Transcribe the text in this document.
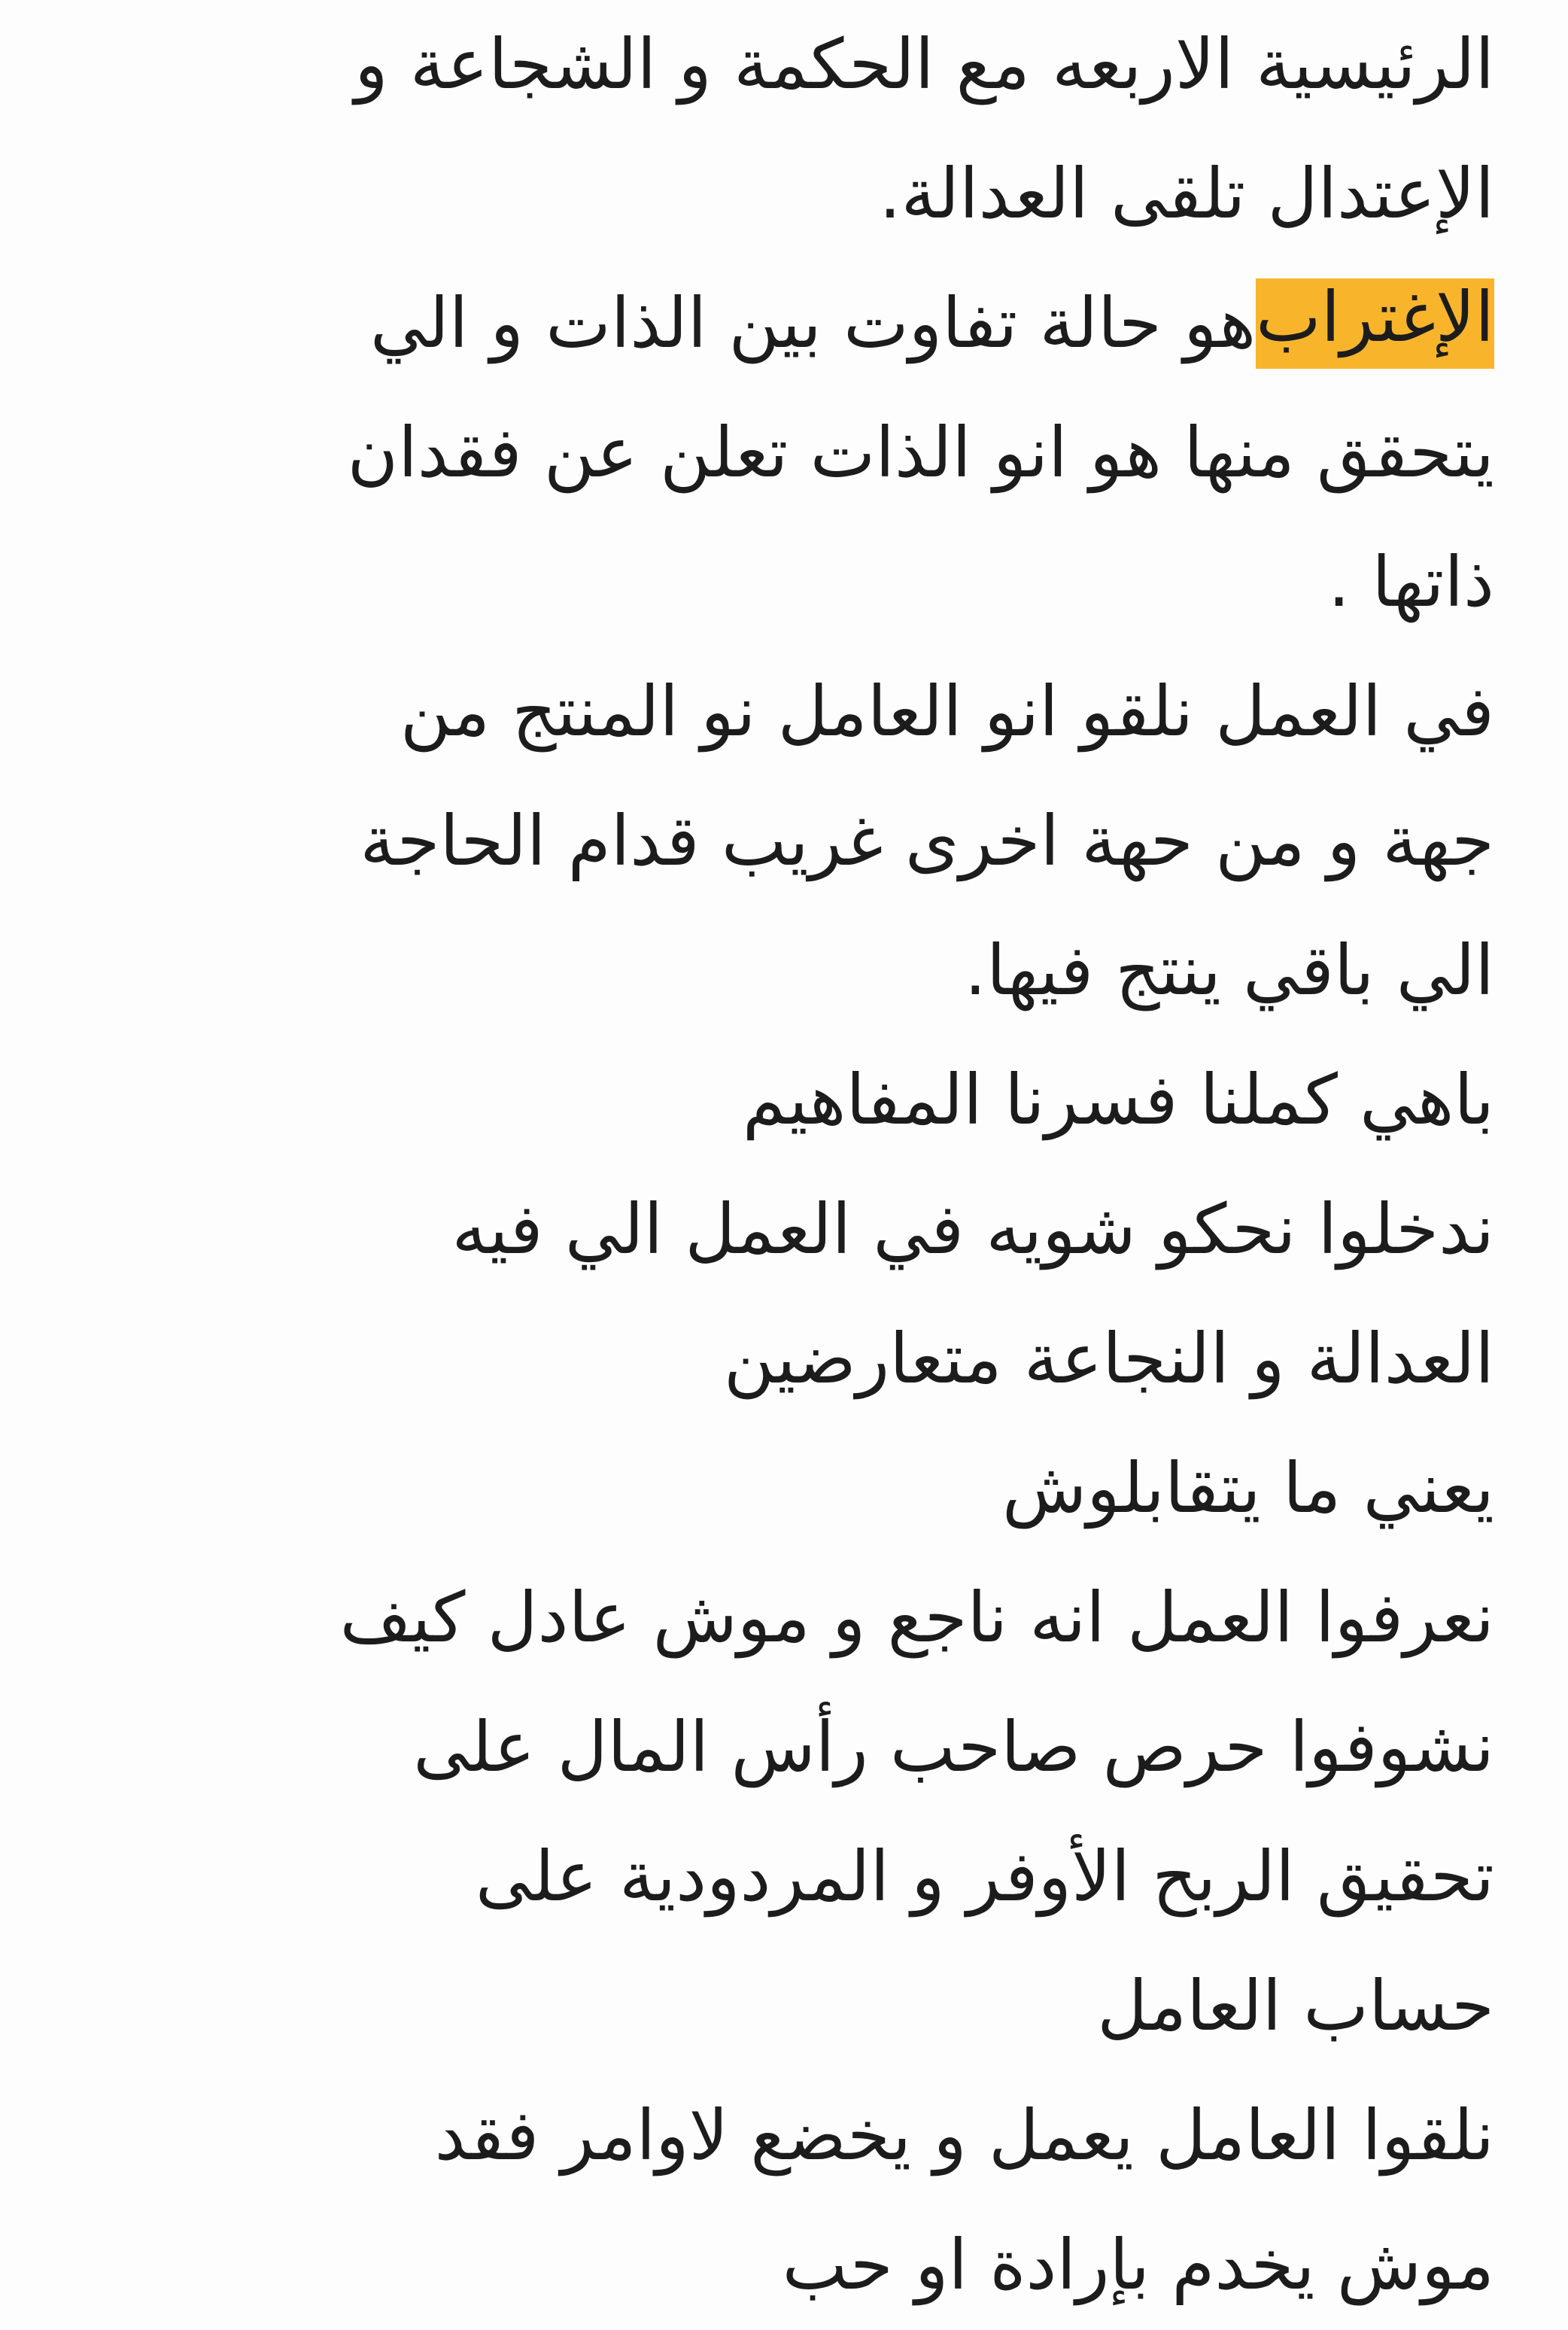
الرئيسية الاربعه مع الحكمة و الشجاعة و
الإعتدال تلقى العدالة.
الإغتراب
هو حالة تفاوت بين الذات و الي
يتحقق منها هو انو الذات تعلن عن فقدان
ذاتها .
في العمل نلقو انو العامل نو المنتج من
جهة و من حهة اخرى غريب قدام الحاجة
الي باقي ينتج فيها.
باهي كملنا فسرنا المفاهيم
ندخلوا نحكو شويه في العمل الي فيه
العدالة و النجاعة متعارضين
يعني ما يتقابلوش
نعرفوا العمل انه ناجع و موش عادل كيف
نشوفوا حرص صاحب رأس المال على
تحقيق الربح الأوفر و المردودية على
حساب العامل
نلقوا العامل يعمل و يخضع لاوامر فقد
موش يخدم بإرادة او حب
